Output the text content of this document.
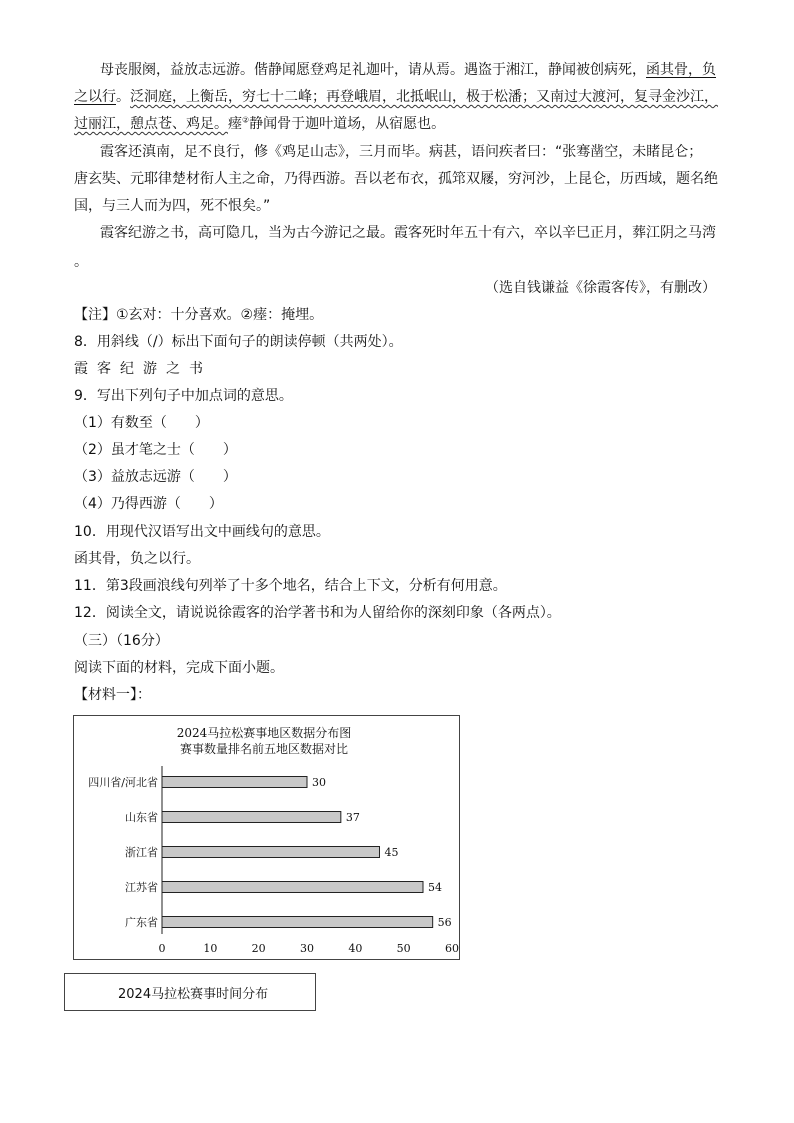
母丧服阕，益放志远游。偕静闻愿登鸡足礼迦叶，请从焉。遇盗于湘江，静闻被创病死，函其骨，负
之以行。泛洞庭，上衡岳，穷七十二峰；再登峨眉，北抵岷山，极于松潘；又南过大渡河，复寻金沙江，
过丽江，憩点苍、鸡足。瘗②静闻骨于迦叶道场，从宿愿也。
霞客还滇南，足不良行，修《鸡足山志》，三月而毕。病甚，语问疾者曰：“张骞凿空，未睹昆仑；
唐玄奘、元耶律楚材衔人主之命，乃得西游。吾以老布衣，孤筇双屦，穷河沙，上昆仑，历西域，题名绝
国，与三人而为四，死不恨矣。”
霞客纪游之书，高可隐几，当为古今游记之最。霞客死时年五十有六，卒以辛巳正月，葬江阴之马湾
。
（选自钱谦益《徐霞客传》，有删改）
【注】①玄对：十分喜欢。②瘗：掩埋。
8．用斜线（/）标出下面句子的朗读停顿（共两处）。
霞客纪游之书
9．写出下列句子中加点词的意思。
（1）有数至（　　）
（2）虽才笔之士（　　）
（3）益放志远游（　　）
（4）乃得西游（　　）
10．用现代汉语写出文中画线句的意思。
函其骨，负之以行。
11．第3段画浪线句列举了十多个地名，结合上下文，分析有何用意。
12．阅读全文，请说说徐霞客的治学著书和为人留给你的深刻印象（各两点）。
（三）（16分）
阅读下面的材料，完成下面小题。
【材料一】：
2024马拉松赛事地区数据分布图
赛事数量排名前五地区数据对比
四川省/河北省	30
山东省	37
浙江省	45
江苏省	54
广东省	56
0	10	20	30	40	50	60
2024马拉松赛事时间分布
